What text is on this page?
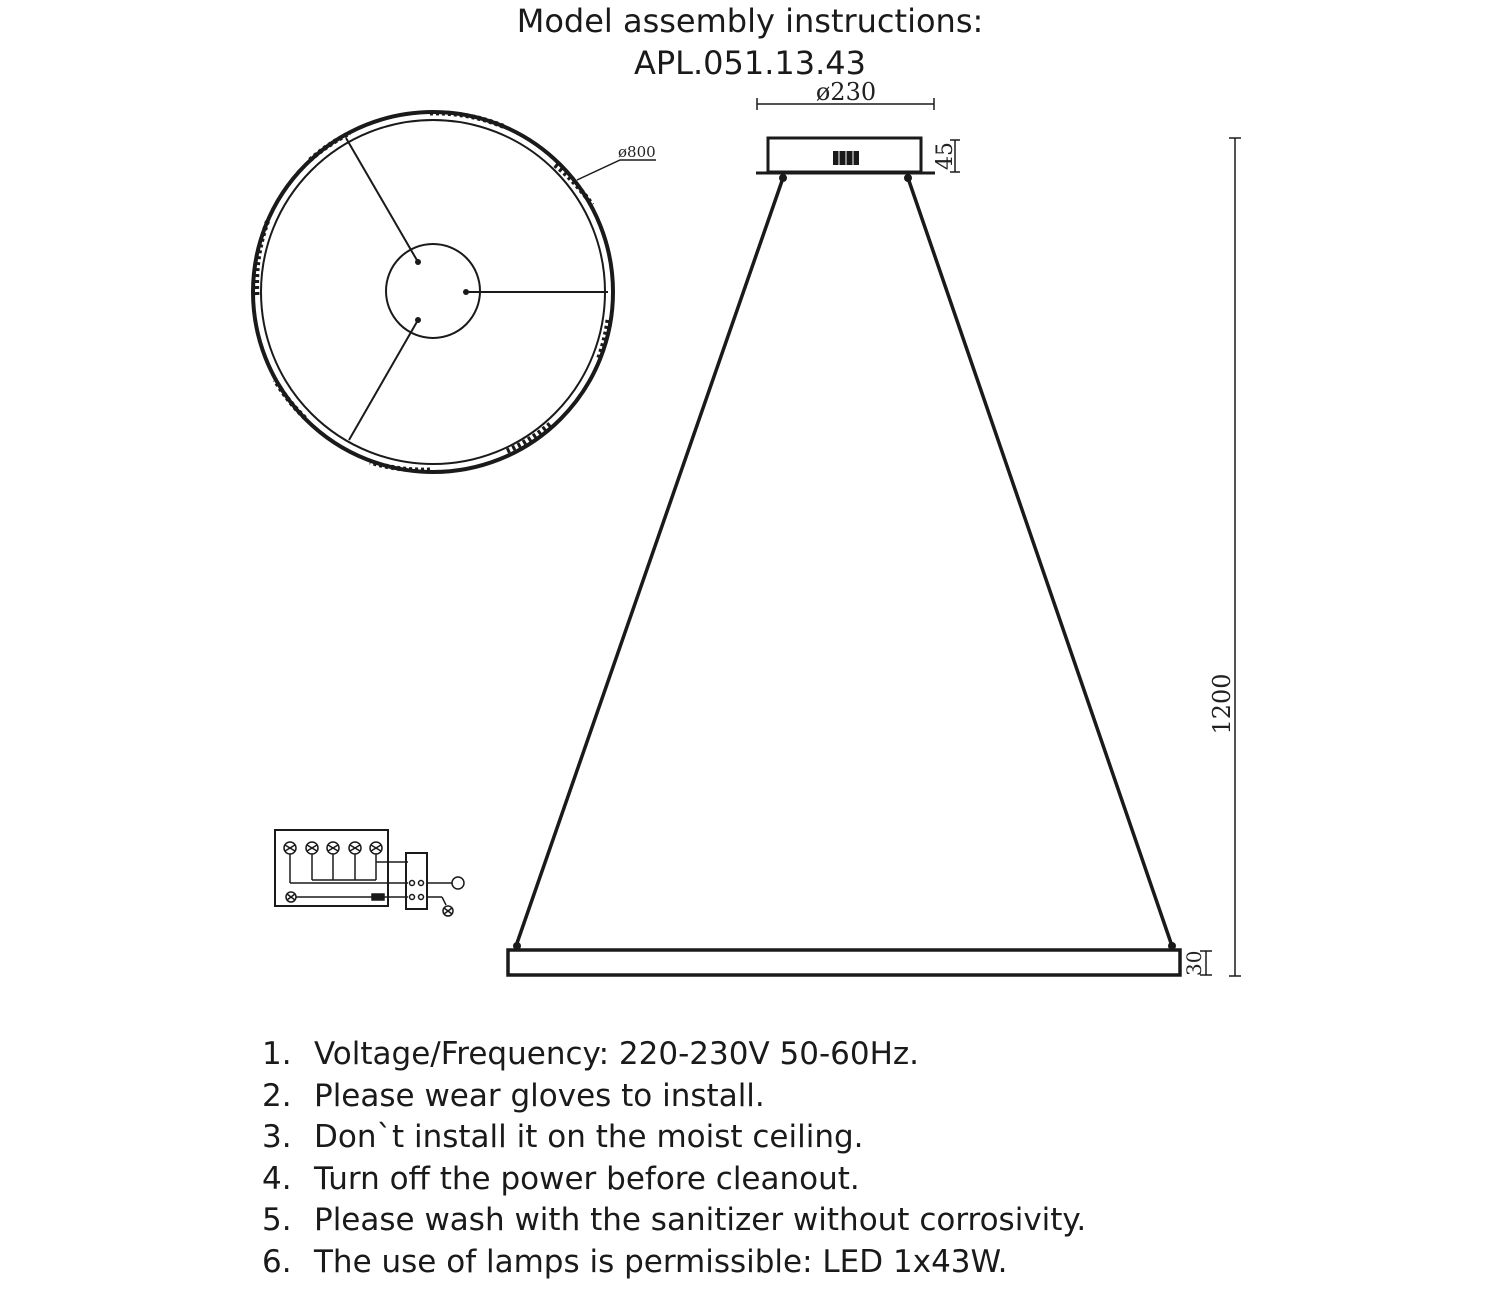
Model assembly instructions:
APL.051.13.43
ø800
ø230
45
30
1200
1. Voltage/Frequency: 220-230V 50-60Hz.
2. Please wear gloves to install.
3. Don`t install it on the moist ceiling.
4. Turn off the power before cleanout.
5. Please wash with the sanitizer without corrosivity.
6. The use of lamps is permissible: LED 1x43W.
